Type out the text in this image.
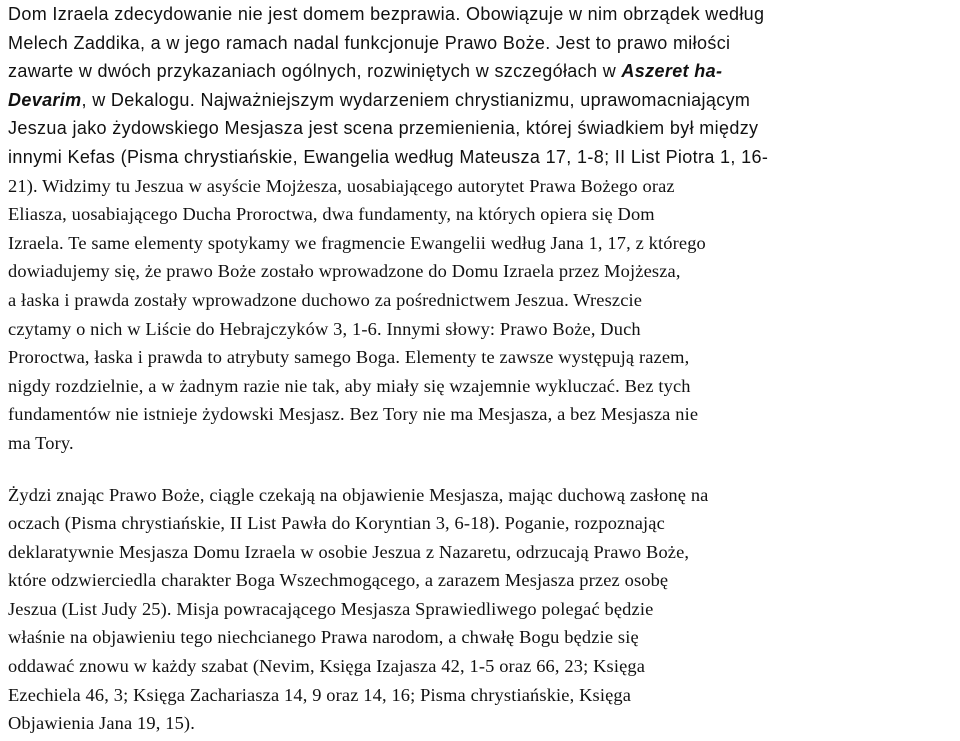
Dom Izraela zdecydowanie nie jest domem bezprawia. Obowiązuje w nim obrządek według
Melech Zaddika, a w jego ramach nadal funkcjonuje Prawo Boże. Jest to prawo miłości
zawarte w dwóch przykazaniach ogólnych, rozwiniętych w szczegółach w Aszeret ha-
Devarim, w Dekalogu. Najważniejszym wydarzeniem chrystianizmu, uprawomacniającym
Jeszua jako żydowskiego Mesjasza jest scena przemienienia, której świadkiem był między
innymi Kefas (Pisma chrystiańskie, Ewangelia według Mateusza 17, 1-8; II List Piotra 1, 16-
21). Widzimy tu Jeszua w asyście Mojżesza, uosabiającego autorytet Prawa Bożego oraz
Eliasza, uosabiającego Ducha Proroctwa, dwa fundamenty, na których opiera się Dom
Izraela. Te same elementy spotykamy we fragmencie Ewangelii według Jana 1, 17, z którego
dowiadujemy się, że prawo Boże zostało wprowadzone do Domu Izraela przez Mojżesza,
a łaska i prawda zostały wprowadzone duchowo za pośrednictwem Jeszua. Wreszcie
czytamy o nich w Liście do Hebrajczyków 3, 1-6. Innymi słowy: Prawo Boże, Duch
Proroctwa, łaska i prawda to atrybuty samego Boga. Elementy te zawsze występują razem,
nigdy rozdzielnie, a w żadnym razie nie tak, aby miały się wzajemnie wykluczać. Bez tych
fundamentów nie istnieje żydowski Mesjasz. Bez Tory nie ma Mesjasza, a bez Mesjasza nie
ma Tory.

Żydzi znając Prawo Boże, ciągle czekają na objawienie Mesjasza, mając duchową zasłonę na
oczach (Pisma chrystiańskie, II List Pawła do Koryntian 3, 6-18). Poganie, rozpoznając
deklaratywnie Mesjasza Domu Izraela w osobie Jeszua z Nazaretu, odrzucają Prawo Boże,
które odzwierciedla charakter Boga Wszechmogącego, a zarazem Mesjasza przez osobę
Jeszua (List Judy 25). Misja powracającego Mesjasza Sprawiedliwego polegać będzie
właśnie na objawieniu tego niechcianego Prawa narodom, a chwałę Bogu będzie się
oddawać znowu w każdy szabat (Nevim, Księga Izajasza 42, 1-5 oraz 66, 23; Księga
Ezechiela 46, 3; Księga Zachariasza 14, 9 oraz 14, 16; Pisma chrystiańskie, Księga
Objawienia Jana 19, 15).
